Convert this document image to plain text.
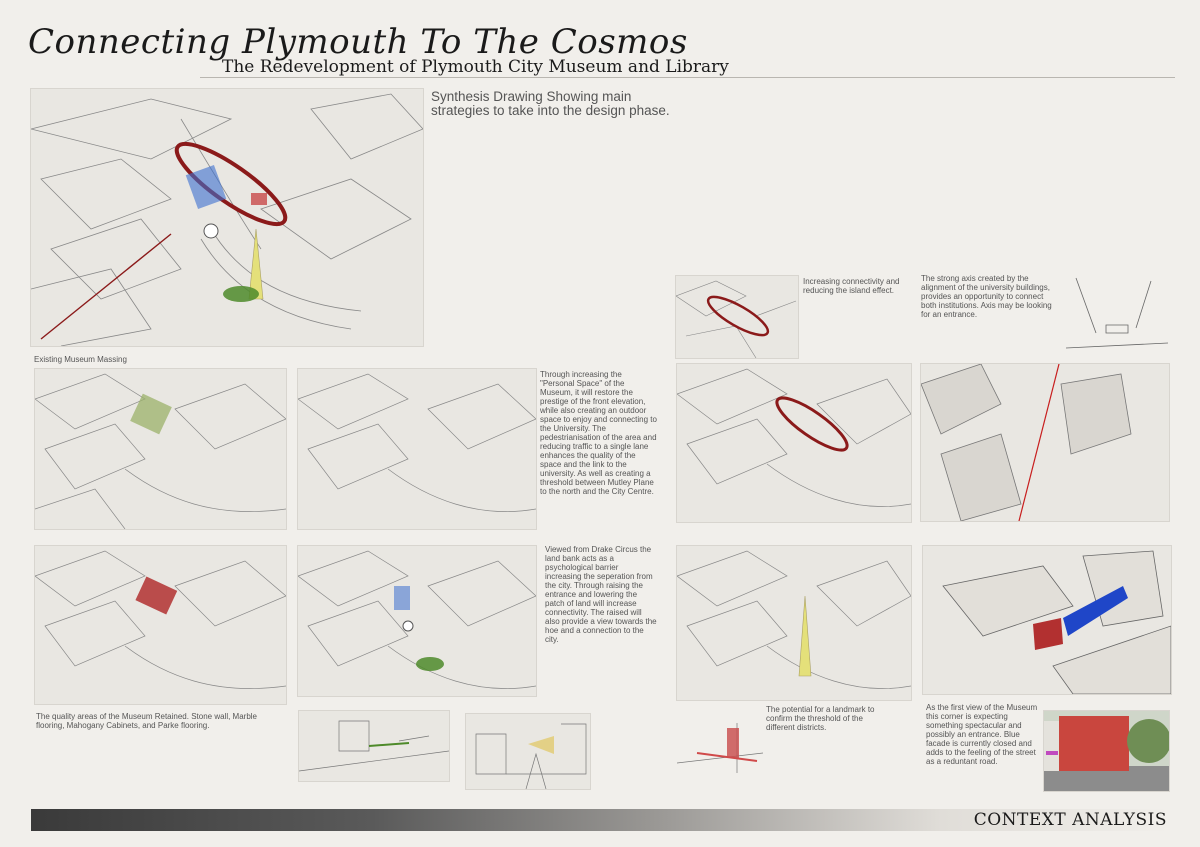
Connecting Plymouth To The Cosmos
The Redevelopment of Plymouth City Museum and Library
Synthesis Drawing Showing main strategies to take into the design phase.
Existing Museum Massing
Through increasing the "Personal Space" of the Museum, it will restore the prestige of the front elevation, while also creating an outdoor space to enjoy and connecting to the University. The pedestrianisation of the area and reducing traffic to a single lane enhances the quality of the space and the link to the university. As well as creating a threshold between Mutley Plane to the north and the City Centre.
The quality areas of the Museum Retained. Stone wall, Marble flooring, Mahogany Cabinets, and Parke flooring.
Viewed from Drake Circus the land bank acts as a psychological barrier increasing the seperation from the city. Through raising the entrance and lowering the patch of land will increase connectivity. The raised will also provide a view towards the hoe and a connection to the city.
Increasing connectivity and reducing the island effect.
The strong axis created by the alignment of the university buildings, provides an opportunity to connect both institutions. Axis may be looking for an entrance.
The potential for a landmark to confirm the threshold of the different districts.
As the first view of the Museum this corner is expecting something spectacular and possibly an entrance. Blue facade is currently closed and adds to the feeling of the street as a reduntant road.
CONTEXT ANALYSIS
